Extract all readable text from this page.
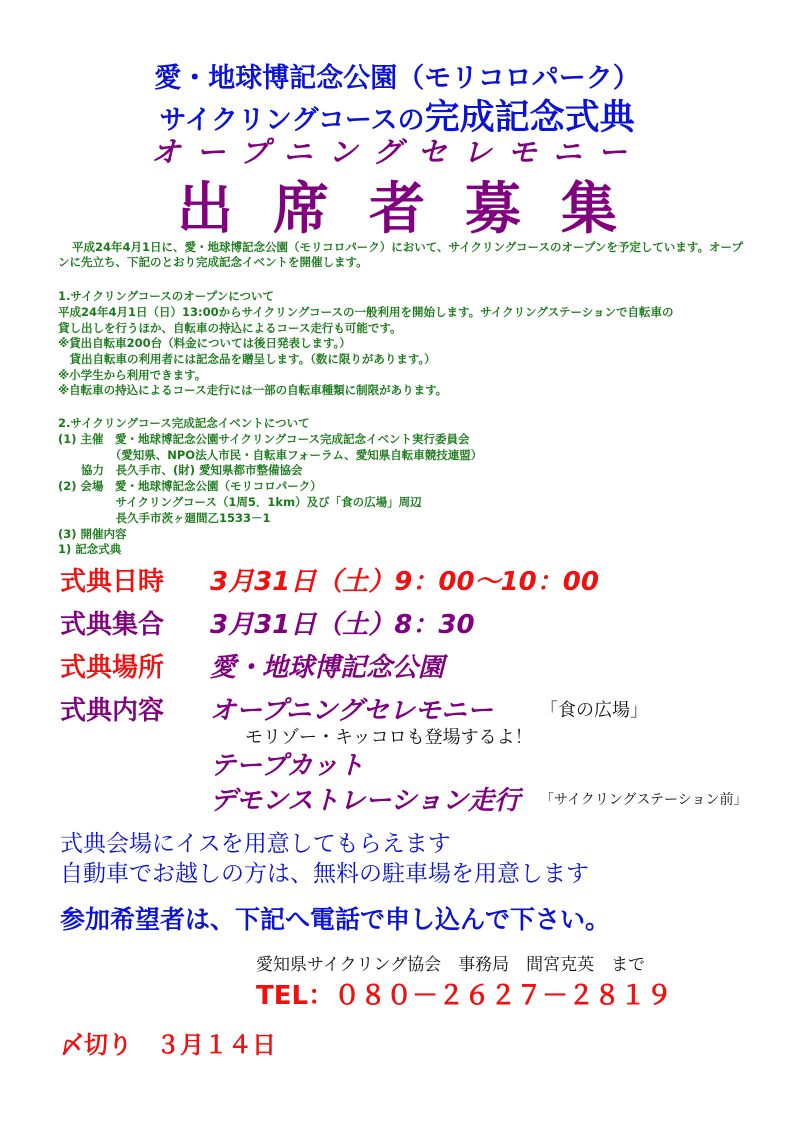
愛・地球博記念公園（モリコロパーク）
サイクリングコースの完成記念式典
オープニングセレモニー
出席者募集
平成24年4月1日に、愛・地球博記念公園（モリコロパーク）において、サイクリングコースのオープンを予定しています。オープンに先立ち、下記のとおり完成記念イベントを開催します。
1.サイクリングコースのオープンについて
平成24年4月1日（日）13:00からサイクリングコースの一般利用を開始します。サイクリングステーションで自転車の
貸し出しを行うほか、自転車の持込によるコース走行も可能です。
※貸出自転車200台（料金については後日発表します。）
　貸出自転車の利用者には記念品を贈呈します。（数に限りがあります。）
※小学生から利用できます。
※自転車の持込によるコース走行には一部の自転車種類に制限があります。
2.サイクリングコース完成記念イベントについて
(1) 主催　愛・地球博記念公園サイクリングコース完成記念イベント実行委員会
　　　　　（愛知県、NPO法人市民・自転車フォーラム、愛知県自転車競技連盟）
　　協力　長久手市、(財) 愛知県都市整備協会
(2) 会場　愛・地球博記念公園（モリコロパーク）
　　　　　サイクリングコース（1周5．1km）及び「食の広場」周辺
　　　　　長久手市茨ヶ廻間乙1533－1
(3) 開催内容
1) 記念式典
式典日時 3月31日（土）9：00～10：00
式典集合 3月31日（土）8：30
式典場所 愛・地球博記念公園
式典内容 オープニングセレモニー	「食の広場」
モリゾー・キッコロも登場するよ！
テープカット
デモンストレーション走行 「サイクリングステーション前」
式典会場にイスを用意してもらえます
自動車でお越しの方は、無料の駐車場を用意します
参加希望者は、下記へ電話で申し込んで下さい。
愛知県サイクリング協会　事務局　間宮克英　まで
TEL：０８０－２６２７－２８１９
〆切り　３月１４日
